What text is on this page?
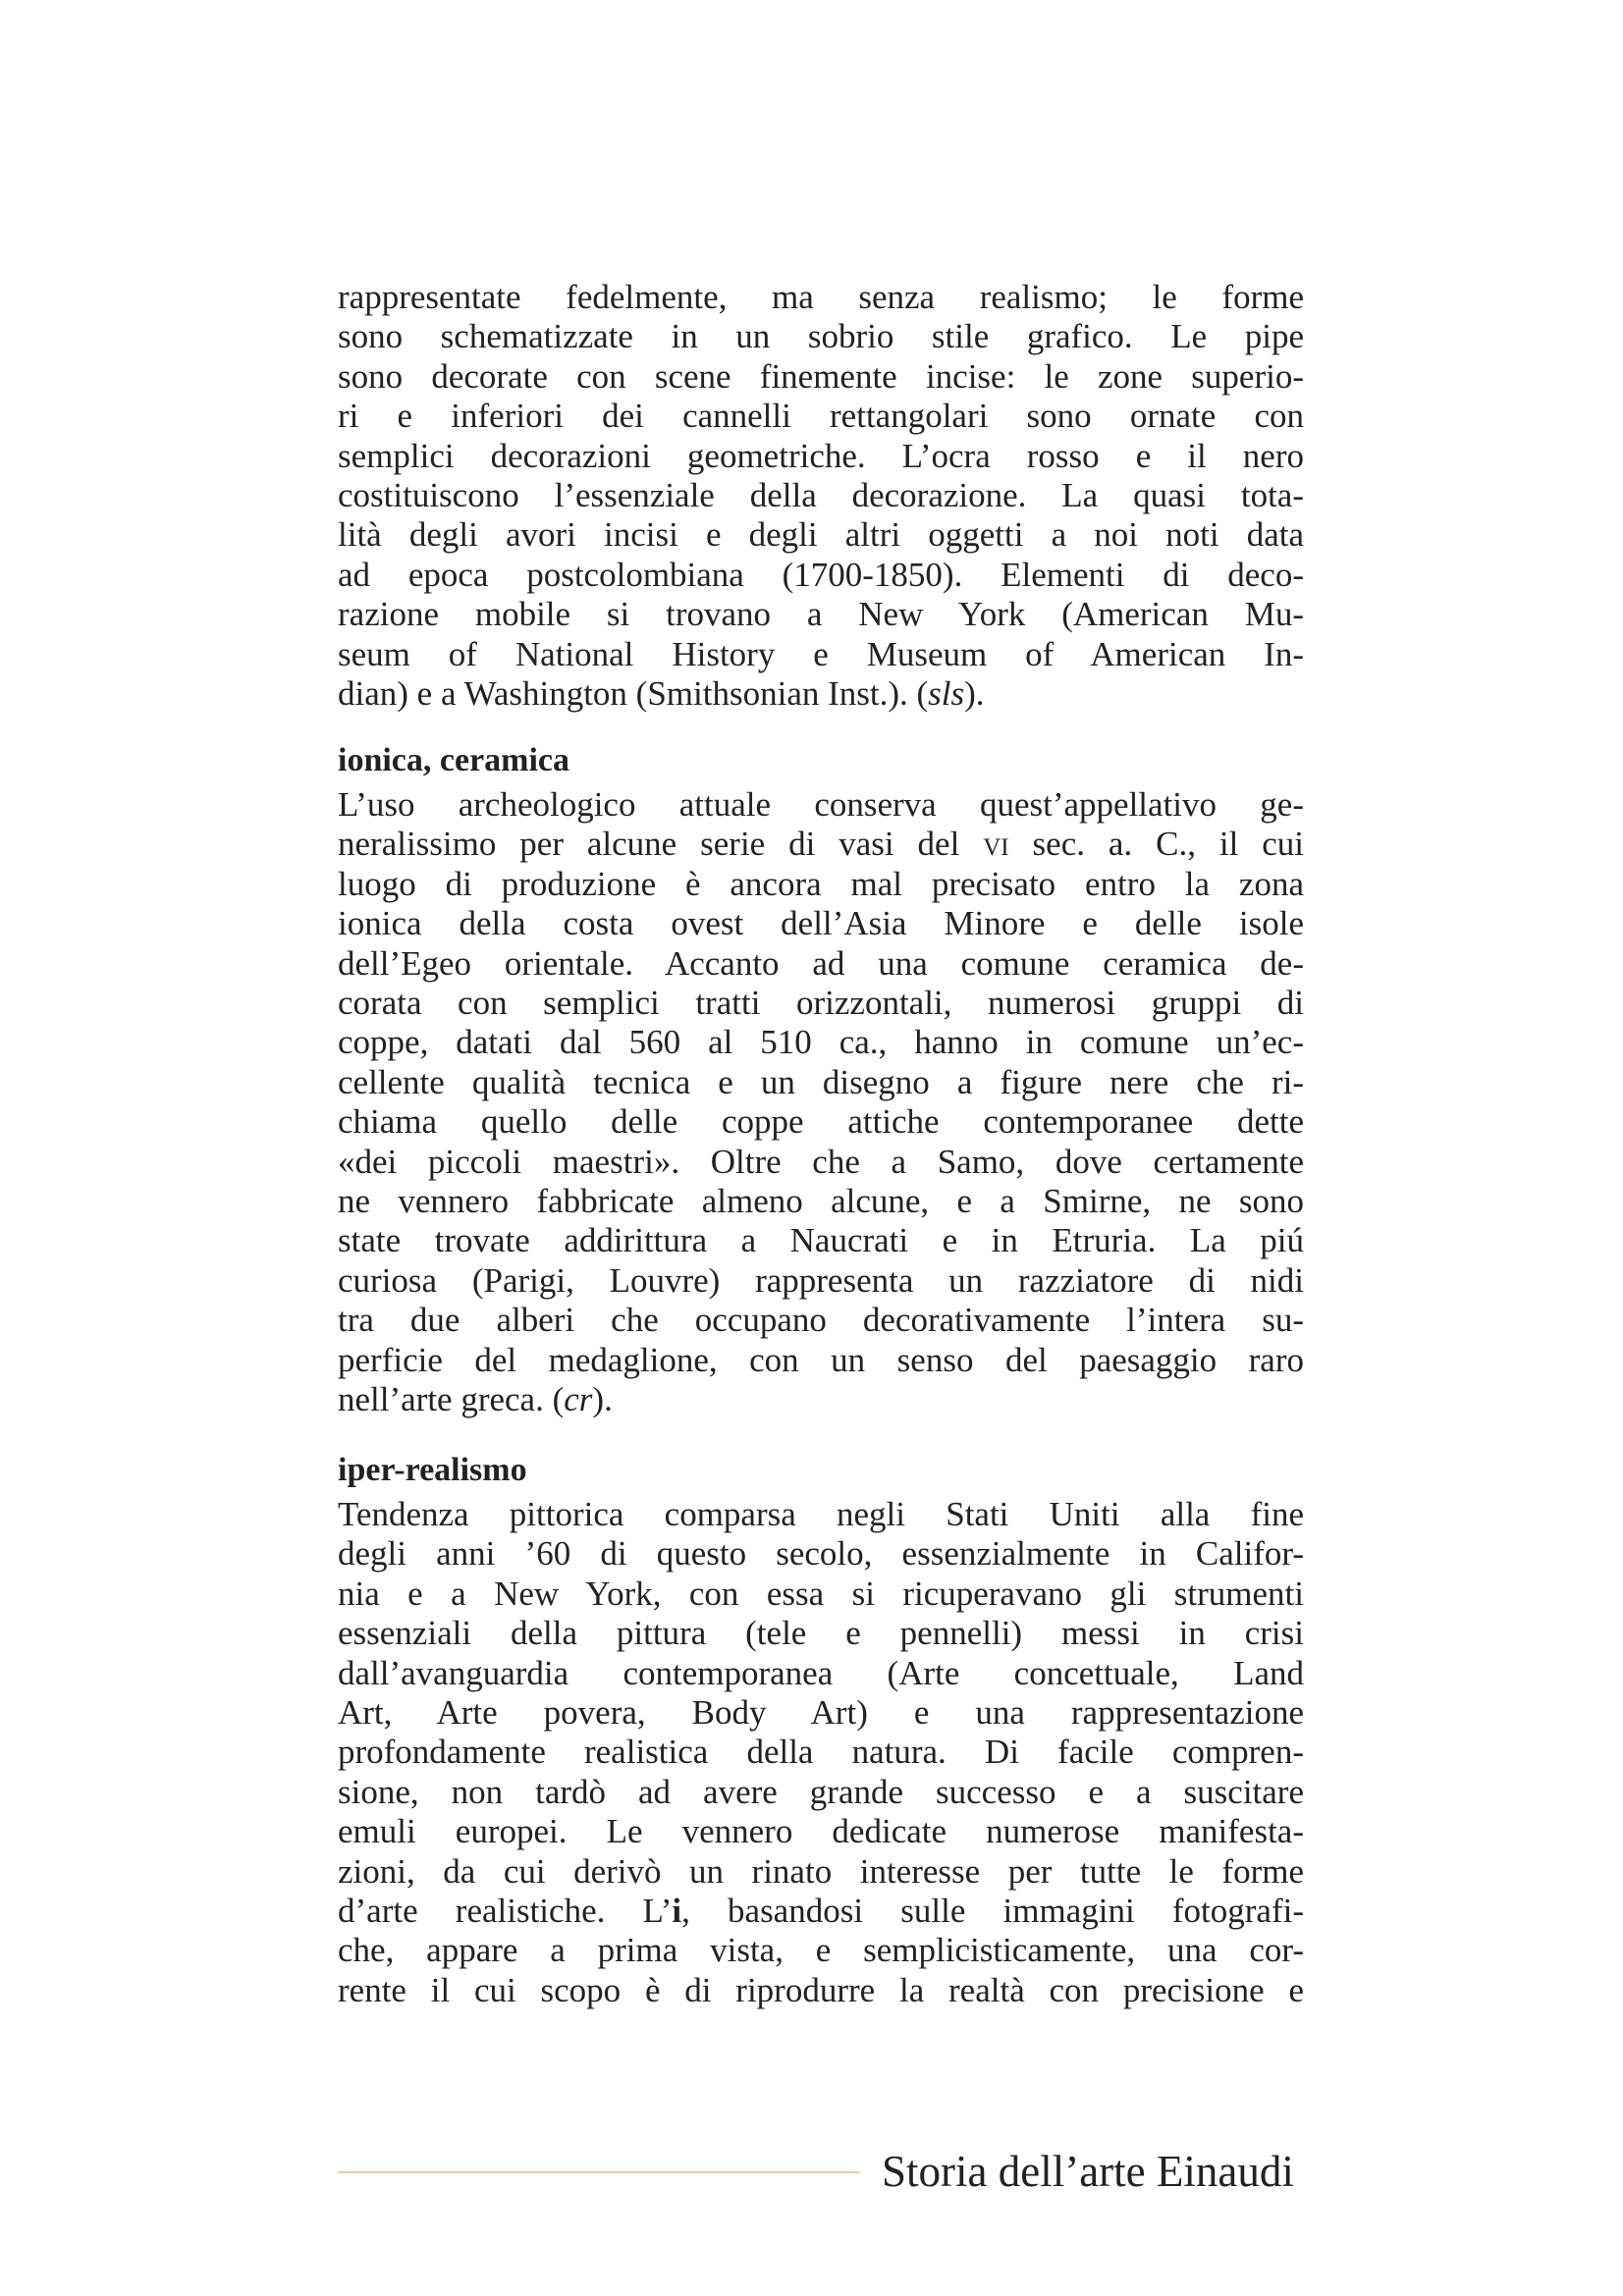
rappresentate fedelmente, ma senza realismo; le forme
sono schematizzate in un sobrio stile grafico. Le pipe
sono decorate con scene finemente incise: le zone superio-
ri e inferiori dei cannelli rettangolari sono ornate con
semplici decorazioni geometriche. L’ocra rosso e il nero
costituiscono l’essenziale della decorazione. La quasi tota-
lità degli avori incisi e degli altri oggetti a noi noti data
ad epoca postcolombiana (1700-1850). Elementi di deco-
razione mobile si trovano a New York (American Mu-
seum of National History e Museum of American In-
dian) e a Washington (Smithsonian Inst.). (sls).
ionica, ceramica
L’uso archeologico attuale conserva quest’appellativo ge-
neralissimo per alcune serie di vasi del vi sec. a. C., il cui
luogo di produzione è ancora mal precisato entro la zona
ionica della costa ovest dell’Asia Minore e delle isole
dell’Egeo orientale. Accanto ad una comune ceramica de-
corata con semplici tratti orizzontali, numerosi gruppi di
coppe, datati dal 560 al 510 ca., hanno in comune un’ec-
cellente qualità tecnica e un disegno a figure nere che ri-
chiama quello delle coppe attiche contemporanee dette
«dei piccoli maestri». Oltre che a Samo, dove certamente
ne vennero fabbricate almeno alcune, e a Smirne, ne sono
state trovate addirittura a Naucrati e in Etruria. La piú
curiosa (Parigi, Louvre) rappresenta un razziatore di nidi
tra due alberi che occupano decorativamente l’intera su-
perficie del medaglione, con un senso del paesaggio raro
nell’arte greca. (cr).
iper-realismo
Tendenza pittorica comparsa negli Stati Uniti alla fine
degli anni ’60 di questo secolo, essenzialmente in Califor-
nia e a New York, con essa si ricuperavano gli strumenti
essenziali della pittura (tele e pennelli) messi in crisi
dall’avanguardia contemporanea (Arte concettuale, Land
Art, Arte povera, Body Art) e una rappresentazione
profondamente realistica della natura. Di facile compren-
sione, non tardò ad avere grande successo e a suscitare
emuli europei. Le vennero dedicate numerose manifesta-
zioni, da cui derivò un rinato interesse per tutte le forme
d’arte realistiche. L’i, basandosi sulle immagini fotografi-
che, appare a prima vista, e semplicisticamente, una cor-
rente il cui scopo è di riprodurre la realtà con precisione e
Storia dell’arte Einaudi
